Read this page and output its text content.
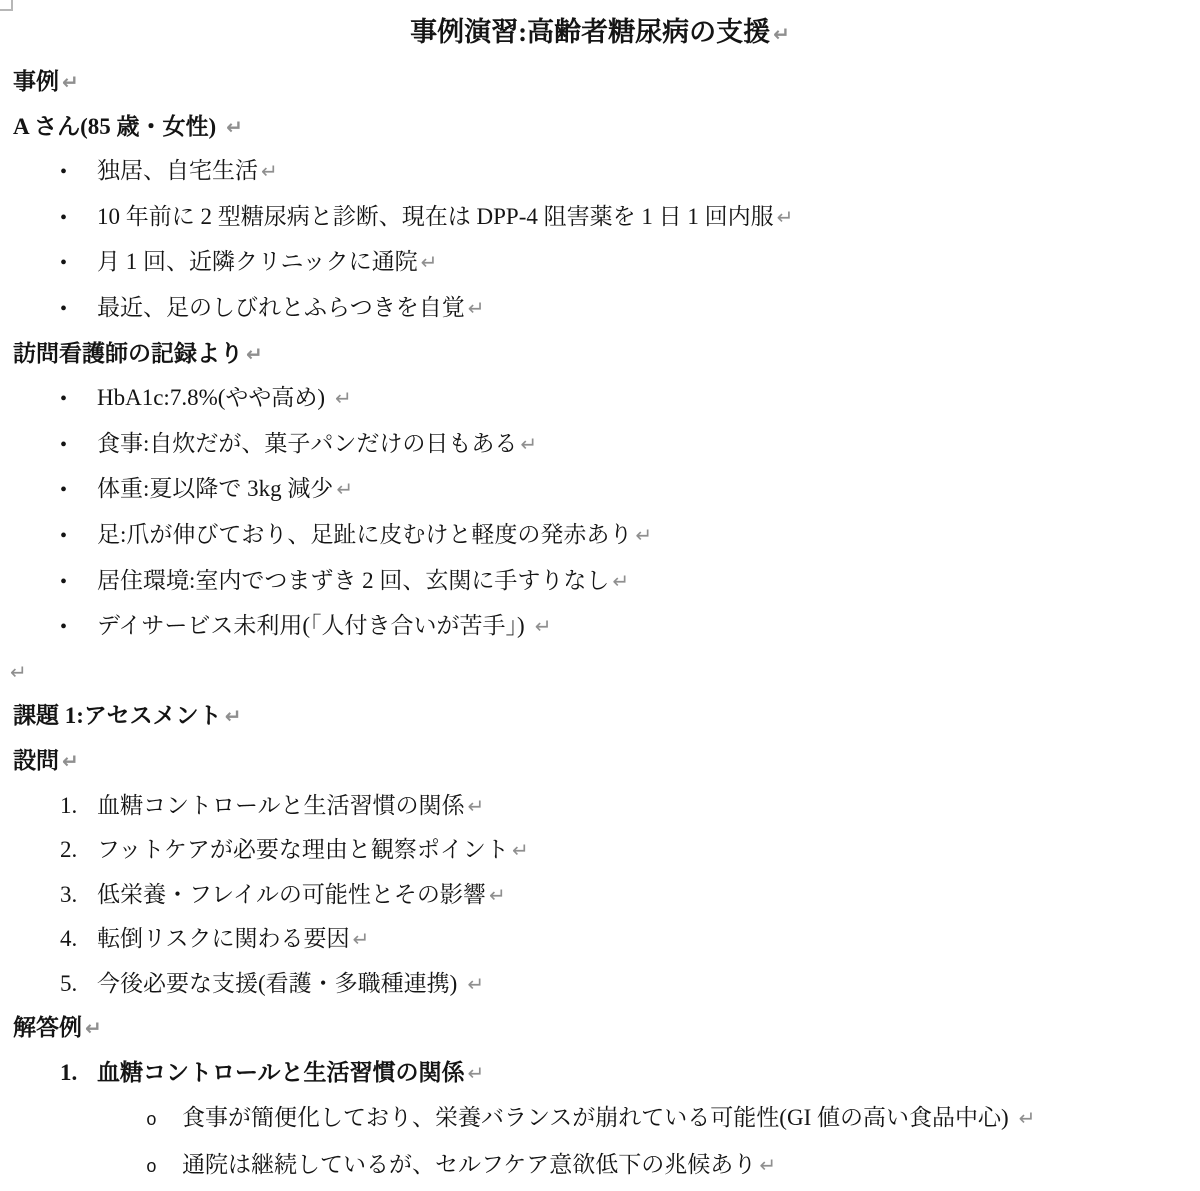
事例演習:高齢者糖尿病の支援 ↵
事例 ↵
A さん(85 歳・女性) ↵
• 独居、自宅生活 ↵
• 10 年前に 2 型糖尿病と診断、現在は DPP-4 阻害薬を 1 日 1 回内服 ↵
• 月 1 回、近隣クリニックに通院 ↵
• 最近、足のしびれとふらつきを自覚 ↵
訪問看護師の記録より ↵
• HbA1c:7.8%(やや高め) ↵
• 食事:自炊だが、菓子パンだけの日もある ↵
• 体重:夏以降で 3kg 減少 ↵
• 足:爪が伸びており、足趾に皮むけと軽度の発赤あり ↵
• 居住環境:室内でつまずき 2 回、玄関に手すりなし ↵
• デイサービス未利用(「人付き合いが苦手」) ↵
↵
課題 1:アセスメント ↵
設問 ↵
1. 血糖コントロールと生活習慣の関係 ↵
2. フットケアが必要な理由と観察ポイント ↵
3. 低栄養・フレイルの可能性とその影響 ↵
4. 転倒リスクに関わる要因 ↵
5. 今後必要な支援(看護・多職種連携) ↵
解答例 ↵
1. 血糖コントロールと生活習慣の関係 ↵
o 食事が簡便化しており、栄養バランスが崩れている可能性(GI 値の高い食品中心) ↵
o 通院は継続しているが、セルフケア意欲低下の兆候あり ↵
